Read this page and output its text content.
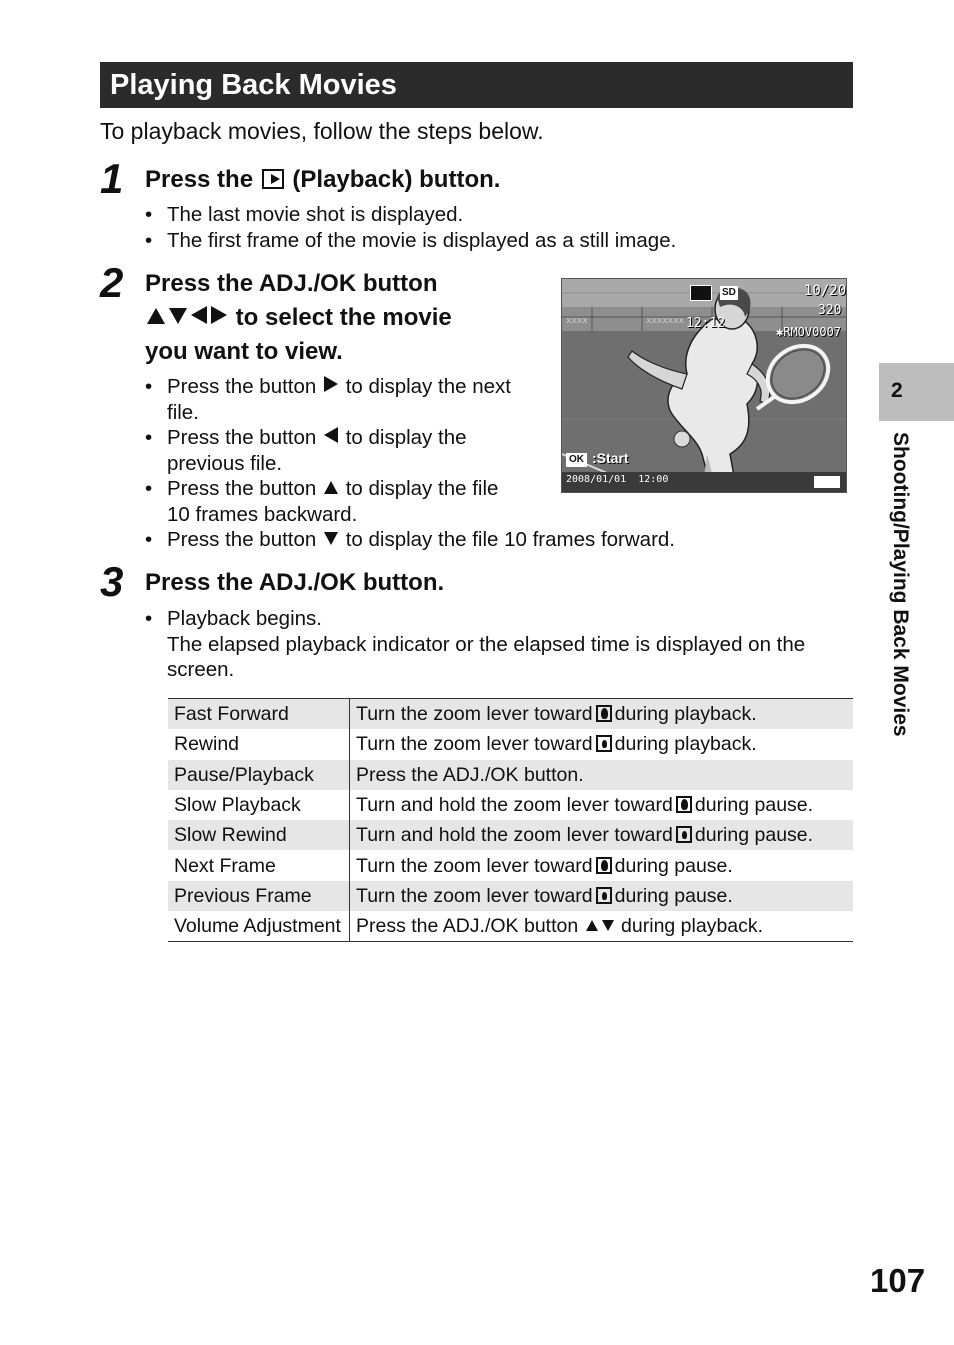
Playing Back Movies
To playback movies, follow the steps below.
1 Press the (Playback) button.
• The last movie shot is displayed.
• The first frame of the movie is displayed as a still image.
2 Press the ADJ./OK button
to select the movie
you want to view.
• Press the button to display the next
file.
• Press the button to display the
previous file.
• Press the button to display the file
10 frames backward.
• Press the button to display the file 10 frames forward.
xxxx	xxxxxxx
SD	10/20
320
12:12
✱RMOV0007
OK :Start
2008/01/01  12:00
3 Press the ADJ./OK button.
• Playback begins.
The elapsed playback indicator or the elapsed time is displayed on the
screen.
Fast Forward	Turn the zoom lever toward during playback.
Rewind	Turn the zoom lever toward during playback.
Pause/Playback	Press the ADJ./OK button.
Slow Playback	Turn and hold the zoom lever toward during pause.
Slow Rewind	Turn and hold the zoom lever toward during pause.
Next Frame	Turn the zoom lever toward during pause.
Previous Frame	Turn the zoom lever toward during pause.
Volume Adjustment	Press the ADJ./OK button during playback.
2
Shooting/Playing Back Movies
107
